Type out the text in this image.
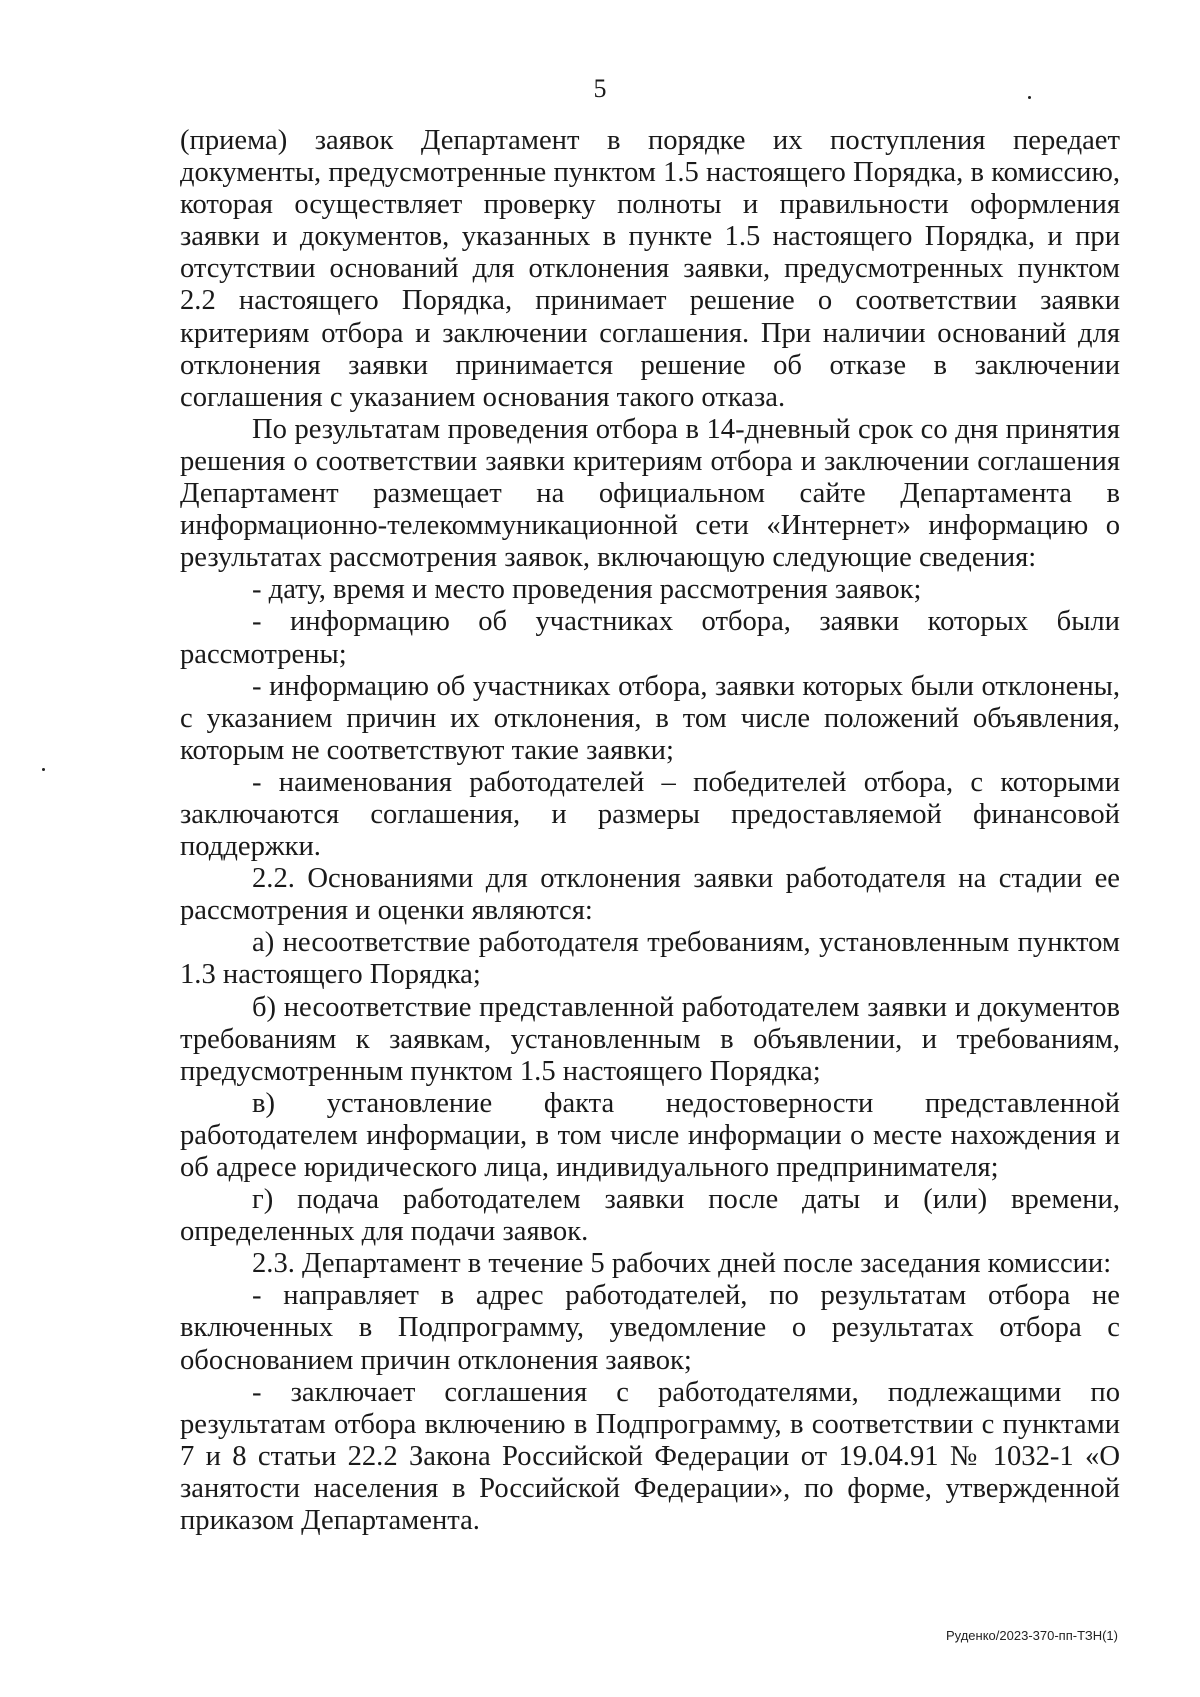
5

(приема) заявок Департамент в порядке их поступления передает документы, предусмотренные пунктом 1.5 настоящего Порядка, в комиссию, которая осуществляет проверку полноты и правильности оформления заявки и документов, указанных в пункте 1.5 настоящего Порядка, и при отсутствии оснований для отклонения заявки, предусмотренных пунктом 2.2 настоящего Порядка, принимает решение о соответствии заявки критериям отбора и заключении соглашения. При наличии оснований для отклонения заявки принимается решение об отказе в заключении соглашения с указанием основания такого отказа.

По результатам проведения отбора в 14-дневный срок со дня принятия решения о соответствии заявки критериям отбора и заключении соглашения Департамент размещает на официальном сайте Департамента в информационно-телекоммуникационной сети «Интернет» информацию о результатах рассмотрения заявок, включающую следующие сведения:

- дату, время и место проведения рассмотрения заявок;

- информацию об участниках отбора, заявки которых были рассмотрены;

- информацию об участниках отбора, заявки которых были отклонены, с указанием причин их отклонения, в том числе положений объявления, которым не соответствуют такие заявки;

- наименования работодателей – победителей отбора, с которыми заключаются соглашения, и размеры предоставляемой финансовой поддержки.

2.2. Основаниями для отклонения заявки работодателя на стадии ее рассмотрения и оценки являются:

а) несоответствие работодателя требованиям, установленным пунктом 1.3 настоящего Порядка;

б) несоответствие представленной работодателем заявки и документов требованиям к заявкам, установленным в объявлении, и требованиям, предусмотренным пунктом 1.5 настоящего Порядка;

в) установление факта недостоверности представленной работодателем информации, в том числе информации о месте нахождения и об адресе юридического лица, индивидуального предпринимателя;

г) подача работодателем заявки после даты и (или) времени, определенных для подачи заявок.

2.3. Департамент в течение 5 рабочих дней после заседания комиссии:

- направляет в адрес работодателей, по результатам отбора не включенных в Подпрограмму, уведомление о результатах отбора с обоснованием причин отклонения заявок;

- заключает соглашения с работодателями, подлежащими по результатам отбора включению в Подпрограмму, в соответствии с пунктами 7 и 8 статьи 22.2 Закона Российской Федерации от 19.04.91 № 1032-1 «О занятости населения в Российской Федерации», по форме, утвержденной приказом Департамента.

Руденко/2023-370-пп-ТЗН(1)
